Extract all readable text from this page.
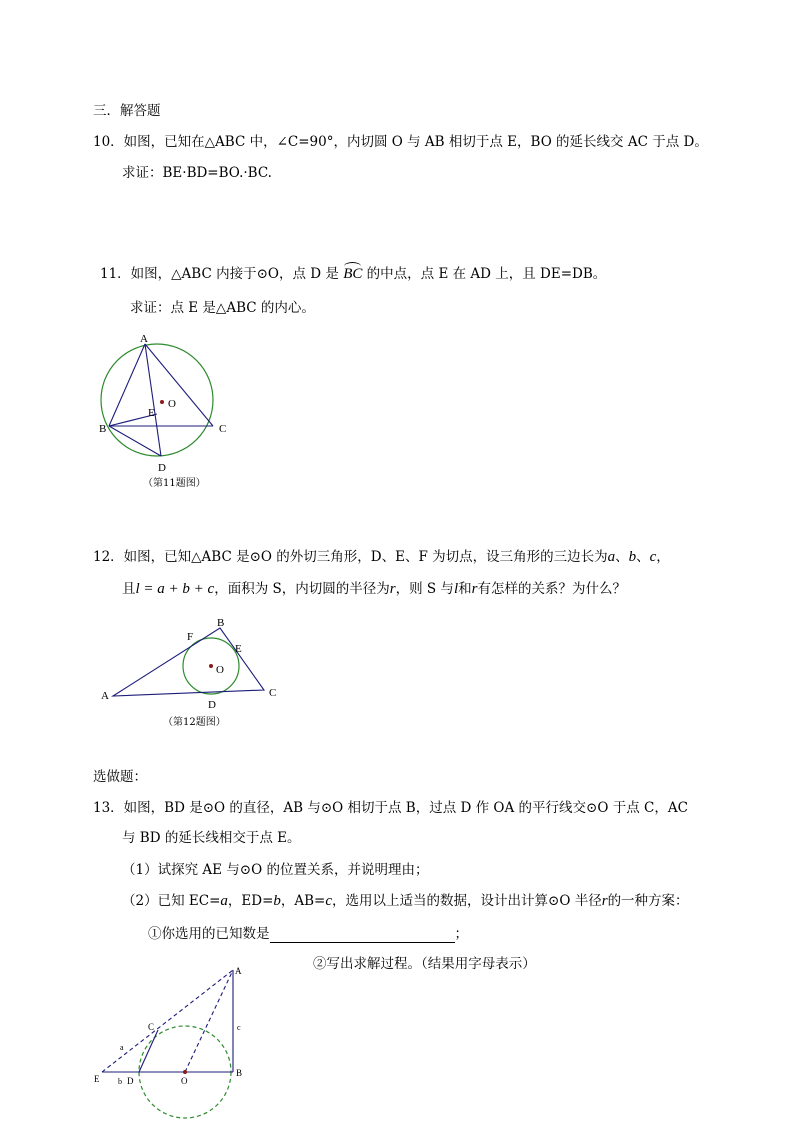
三．解答题
10．如图，已知在△ABC 中，∠C=90°，内切圆 O 与 AB 相切于点 E，BO 的延长线交 AC 于点 D。
求证：BE·BD=BO.·BC.
11．如图，△ABC 内接于⊙O，点 D 是 BC 的中点，点 E 在 AD 上，且 DE=DB。
求证：点 E 是△ABC 的内心。
A
B	C
D
E
O
（第11题图）
12．如图，已知△ABC 是⊙O 的外切三角形，D、E、F 为切点，设三角形的三边长为a、b、c，
且l = a + b + c，面积为 S，内切圆的半径为r，则 S 与l和r有怎样的关系？为什么？
A
B
C
D
E
F
O
（第12题图）
选做题：
13．如图，BD 是⊙O 的直径，AB 与⊙O 相切于点 B，过点 D 作 OA 的平行线交⊙O 于点 C，AC
与 BD 的延长线相交于点 E。
（1）试探究 AE 与⊙O 的位置关系，并说明理由；
（2）已知 EC=a，ED=b，AB=c，选用以上适当的数据，设计出计算⊙O 半径r的一种方案：
①你选用的已知数是	；
②写出求解过程。（结果用字母表示）
A
B
C
D
E	O
a
b
c
